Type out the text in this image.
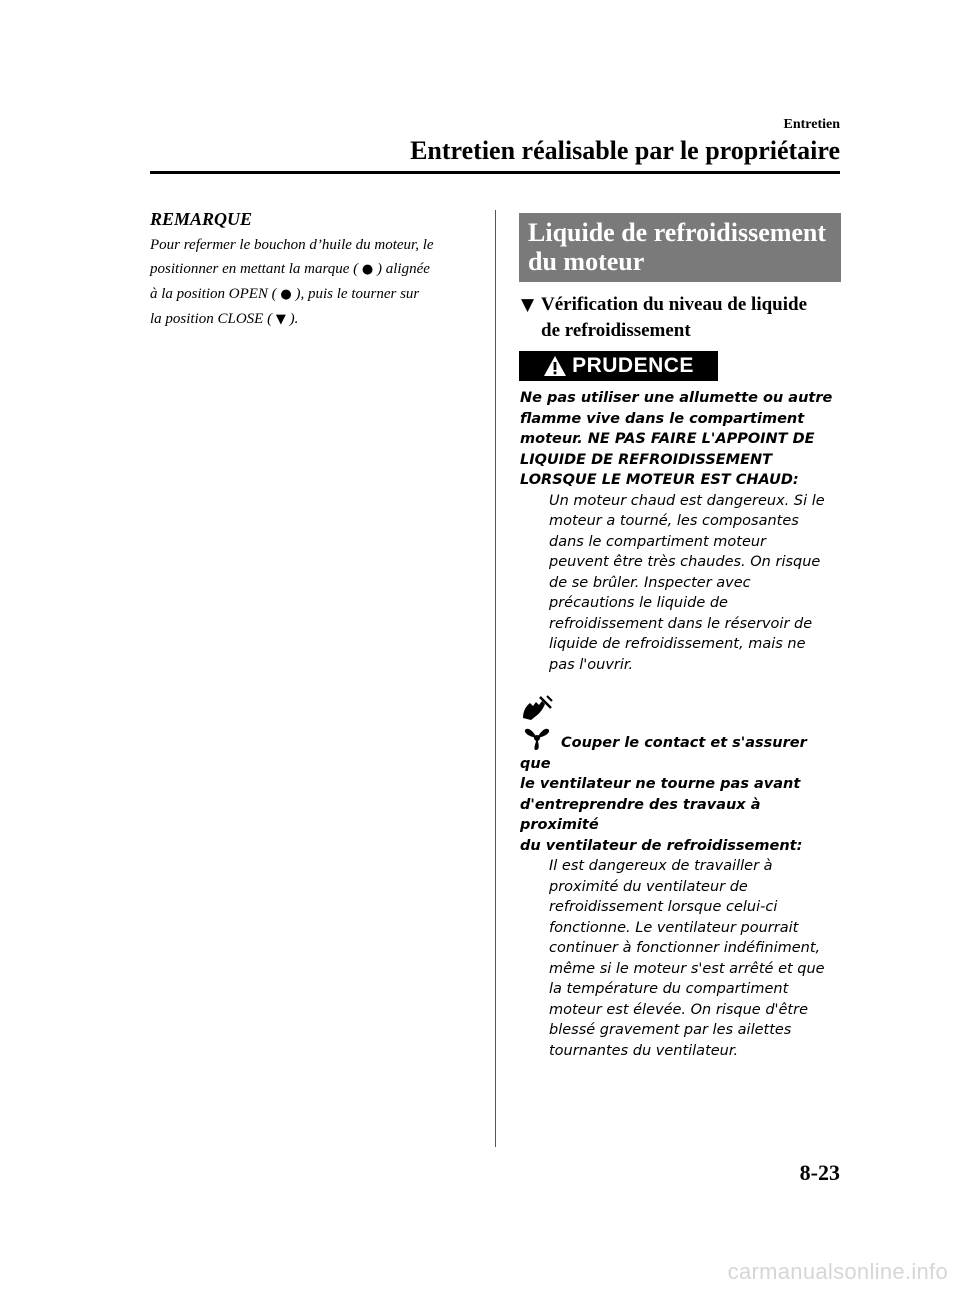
Entretien
Entretien réalisable par le propriétaire
REMARQUE
Pour refermer le bouchon d’huile du moteur, le
positionner en mettant la marque ( ● ) alignée
à la position OPEN ( ● ), puis le tourner sur
la position CLOSE ( ▼ ).
Liquide de refroidissement
du moteur
▼ Vérification du niveau de liquide
de refroidissement
PRUDENCE
Ne pas utiliser une allumette ou autre
flamme vive dans le compartiment
moteur. NE PAS FAIRE L'APPOINT DE
LIQUIDE DE REFROIDISSEMENT
LORSQUE LE MOTEUR EST CHAUD:
Un moteur chaud est dangereux. Si le
moteur a tourné, les composantes
dans le compartiment moteur
peuvent être très chaudes. On risque
de se brûler. Inspecter avec
précautions le liquide de
refroidissement dans le réservoir de
liquide de refroidissement, mais ne
pas l'ouvrir.
Couper le contact et s'assurer que
le ventilateur ne tourne pas avant
d'entreprendre des travaux à proximité
du ventilateur de refroidissement:
Il est dangereux de travailler à
proximité du ventilateur de
refroidissement lorsque celui-ci
fonctionne. Le ventilateur pourrait
continuer à fonctionner indéfiniment,
même si le moteur s'est arrêté et que
la température du compartiment
moteur est élevée. On risque d'être
blessé gravement par les ailettes
tournantes du ventilateur.
8-23
carmanualsonline.info
